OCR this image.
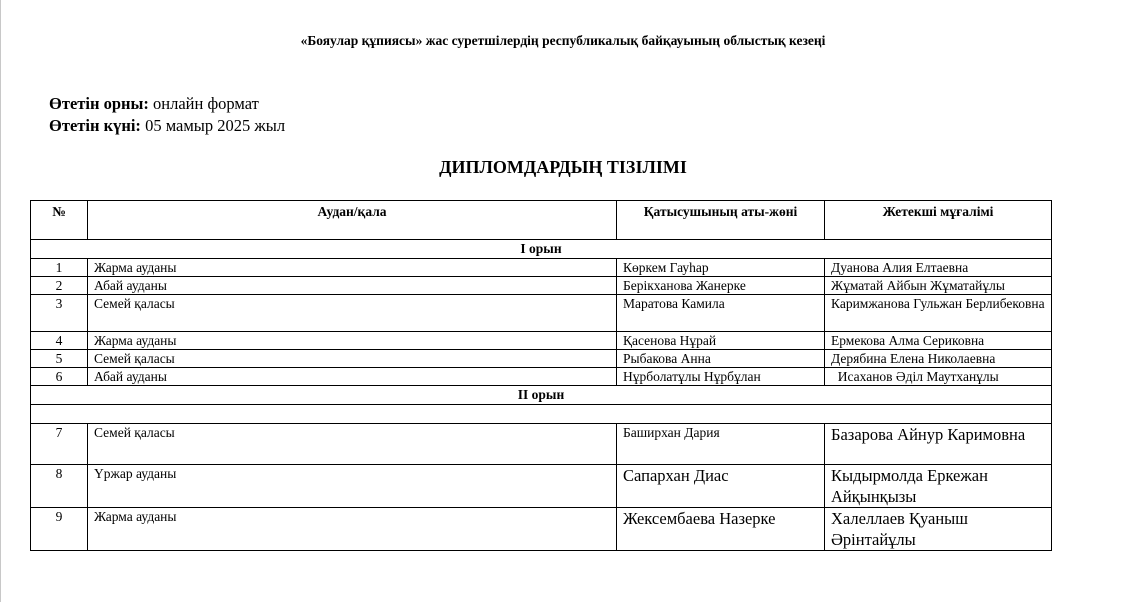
«Бояулар құпиясы» жас суретшілердің республикалық байқауының облыстық кезеңі
Өтетін орны: онлайн формат
Өтетін күні: 05 мамыр 2025 жыл
ДИПЛОМДАРДЫҢ ТІЗІЛІМІ
№	Аудан/қала	Қатысушының аты-жөні	Жетекші мұғалімі
I орын			
1	Жарма ауданы	Көркем Гауһар	Дуанова Алия Елтаевна
2	Абай ауданы	Берікханова Жанерке	Жұматай Айбын Жұматайұлы
3	Семей қаласы	Маратова Камила	Каримжанова Гульжан Берлибековна
4	Жарма ауданы	Қасенова Нұрай	Ермекова Алма Сериковна
5	Семей қаласы	Рыбакова Анна	Дерябина Елена Николаевна
6	Абай ауданы	Нұрболатұлы Нұрбұлан	Исаханов Әділ Маутханұлы
II орын			

7	Семей қаласы	Баширхан Дария	Базарова Айнур Каримовна
8	Үржар ауданы	Сапархан Диас	Кыдырмолда Еркежан Айқынқызы
9	Жарма ауданы	Жексембаева Назерке	Халеллаев Қуаныш Әрінтайұлы
